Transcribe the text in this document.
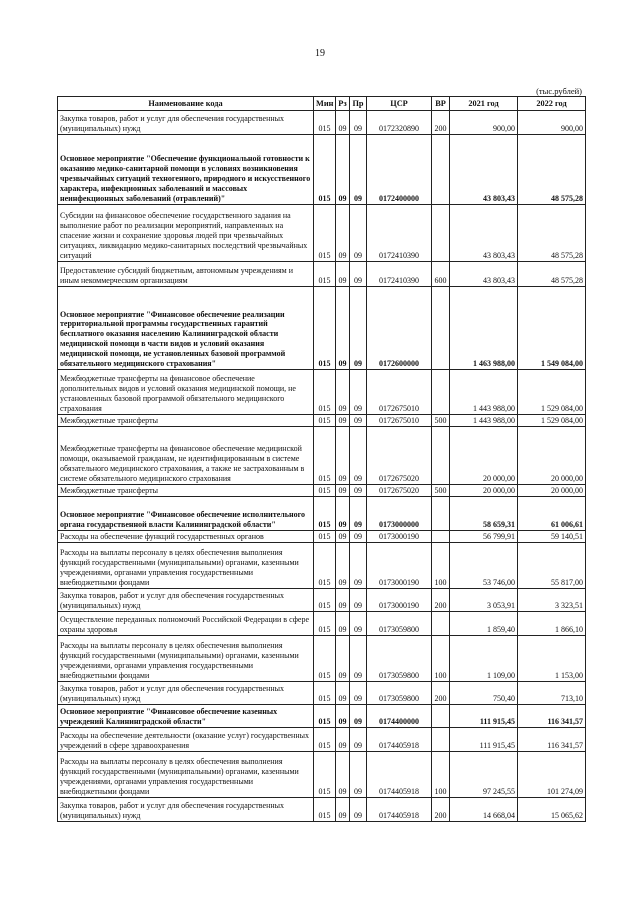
19
(тыс.рублей)
Наименование кода	Мин	Рз	Пр	ЦСР	ВР	2021 год	2022 год
Закупка товаров, работ и услуг для обеспечения государственных (муниципальных) нужд	015	09	09	0172320890	200	900,00	900,00
Основное мероприятие "Обеспечение функциональной готовности к оказанию медико-санитарной помощи в условиях возникновения чрезвычайных ситуаций техногенного, природного и искусственного характера, инфекционных заболеваний и массовых неинфекционных заболеваний (отравлений)"	015	09	09	0172400000		43 803,43	48 575,28
Субсидии на финансовое обеспечение государственного задания на выполнение работ по реализации мероприятий, направленных на спасение жизни и сохранение здоровья людей при чрезвычайных ситуациях, ликвидацию медико-санитарных последствий чрезвычайных ситуаций	015	09	09	0172410390		43 803,43	48 575,28
Предоставление субсидий бюджетным, автономным учреждениям и иным некоммерческим организациям	015	09	09	0172410390	600	43 803,43	48 575,28
Основное мероприятие "Финансовое обеспечение реализации территориальной программы государственных гарантий бесплатного оказания населению Калининградской области медицинской помощи в части видов и условий оказания медицинской помощи, не установленных базовой программой обязательного медицинского страхования"	015	09	09	0172600000		1 463 988,00	1 549 084,00
Межбюджетные трансферты на финансовое обеспечение дополнительных видов и условий оказания медицинской помощи, не установленных базовой программой обязательного медицинского страхования	015	09	09	0172675010		1 443 988,00	1 529 084,00
Межбюджетные трансферты	015	09	09	0172675010	500	1 443 988,00	1 529 084,00
Межбюджетные трансферты на финансовое обеспечение медицинской помощи, оказываемой гражданам, не идентифицированным в системе обязательного медицинского страхования, а также не застрахованным в системе обязательного медицинского страхования	015	09	09	0172675020		20 000,00	20 000,00
Межбюджетные трансферты	015	09	09	0172675020	500	20 000,00	20 000,00
Основное мероприятие "Финансовое обеспечение исполнительного органа государственной власти Калининградской области"	015	09	09	0173000000		58 659,31	61 006,61
Расходы на обеспечение функций государственных органов	015	09	09	0173000190		56 799,91	59 140,51
Расходы на выплаты персоналу в целях обеспечения выполнения функций государственными (муниципальными) органами, казенными учреждениями, органами управления государственными внебюджетными фондами	015	09	09	0173000190	100	53 746,00	55 817,00
Закупка товаров, работ и услуг для обеспечения государственных (муниципальных) нужд	015	09	09	0173000190	200	3 053,91	3 323,51
Осуществление переданных полномочий Российской Федерации в сфере охраны здоровья	015	09	09	0173059800		1 859,40	1 866,10
Расходы на выплаты персоналу в целях обеспечения выполнения функций государственными (муниципальными) органами, казенными учреждениями, органами управления государственными внебюджетными фондами	015	09	09	0173059800	100	1 109,00	1 153,00
Закупка товаров, работ и услуг для обеспечения государственных (муниципальных) нужд	015	09	09	0173059800	200	750,40	713,10
Основное мероприятие "Финансовое обеспечение казенных учреждений Калининградской области"	015	09	09	0174400000		111 915,45	116 341,57
Расходы на обеспечение деятельности (оказание услуг) государственных учреждений в сфере здравоохранения	015	09	09	0174405918		111 915,45	116 341,57
Расходы на выплаты персоналу в целях обеспечения выполнения функций государственными (муниципальными) органами, казенными учреждениями, органами управления государственными внебюджетными фондами	015	09	09	0174405918	100	97 245,55	101 274,09
Закупка товаров, работ и услуг для обеспечения государственных (муниципальных) нужд	015	09	09	0174405918	200	14 668,04	15 065,62
